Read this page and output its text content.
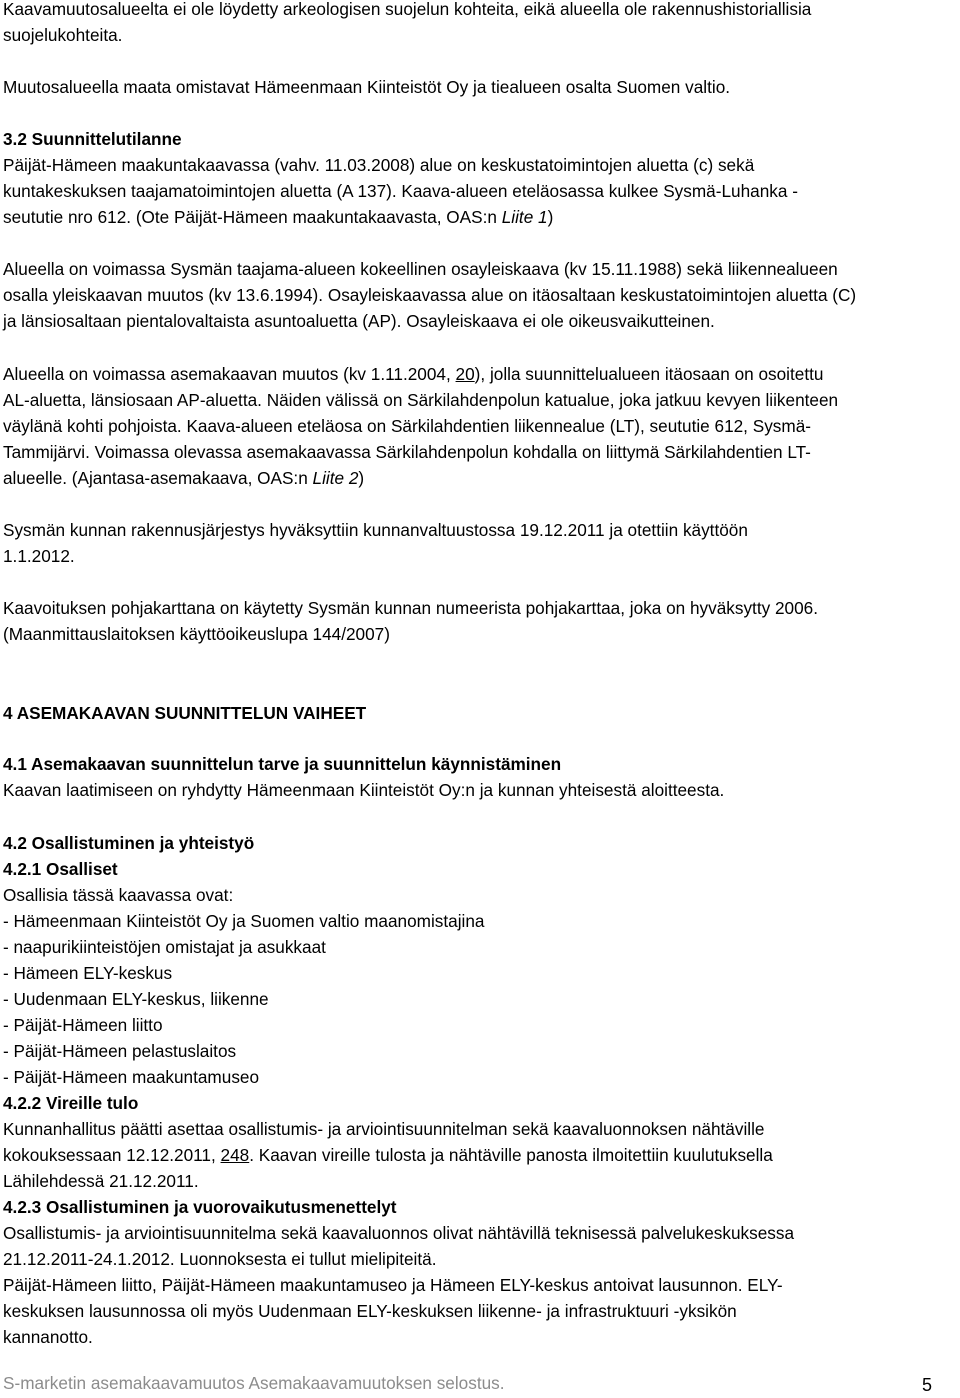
Kaavamuutosalueelta ei ole löydetty arkeologisen suojelun kohteita, eikä alueella ole rakennushistoriallisia
suojelukohteita.
Muutosalueella maata omistavat Hämeenmaan Kiinteistöt Oy ja tiealueen osalta Suomen valtio.
3.2 Suunnittelutilanne
Päijät-Hämeen maakuntakaavassa (vahv. 11.03.2008) alue on keskustatoimintojen aluetta (c) sekä
kuntakeskuksen taajamatoimintojen aluetta (A 137). Kaava-alueen eteläosassa kulkee Sysmä-Luhanka -
seututie nro 612. (Ote Päijät-Hämeen maakuntakaavasta, OAS:n Liite 1)
Alueella on voimassa Sysmän taajama-alueen kokeellinen osayleiskaava (kv 15.11.1988) sekä liikennealueen
osalla yleiskaavan muutos (kv 13.6.1994). Osayleiskaavassa alue on itäosaltaan keskustatoimintojen aluetta (C)
ja länsiosaltaan pientalovaltaista asuntoaluetta (AP). Osayleiskaava ei ole oikeusvaikutteinen.
Alueella on voimassa asemakaavan muutos (kv 1.11.2004, 20), jolla suunnittelualueen itäosaan on osoitettu
AL-aluetta, länsiosaan AP-aluetta. Näiden välissä on Särkilahdenpolun katualue, joka jatkuu kevyen liikenteen
väylänä kohti pohjoista. Kaava-alueen eteläosa on Särkilahdentien liikennealue (LT), seututie 612, Sysmä-
Tammijärvi. Voimassa olevassa asemakaavassa Särkilahdenpolun kohdalla on liittymä Särkilahdentien LT-
alueelle. (Ajantasa-asemakaava, OAS:n Liite 2)
Sysmän kunnan rakennusjärjestys hyväksyttiin kunnanvaltuustossa 19.12.2011 ja otettiin käyttöön
1.1.2012.
Kaavoituksen pohjakarttana on käytetty Sysmän kunnan numeerista pohjakarttaa, joka on hyväksytty 2006.
(Maanmittauslaitoksen käyttöoikeuslupa 144/2007)
4 ASEMAKAAVAN SUUNNITTELUN VAIHEET
4.1 Asemakaavan suunnittelun tarve ja suunnittelun käynnistäminen
Kaavan laatimiseen on ryhdytty Hämeenmaan Kiinteistöt Oy:n ja kunnan yhteisestä aloitteesta.
4.2 Osallistuminen ja yhteistyö
4.2.1 Osalliset
Osallisia tässä kaavassa ovat:
- Hämeenmaan Kiinteistöt Oy ja Suomen valtio maanomistajina
- naapurikiinteistöjen omistajat ja asukkaat
- Hämeen ELY-keskus
- Uudenmaan ELY-keskus, liikenne
- Päijät-Hämeen liitto
- Päijät-Hämeen pelastuslaitos
- Päijät-Hämeen maakuntamuseo
4.2.2 Vireille tulo
Kunnanhallitus päätti asettaa osallistumis- ja arviointisuunnitelman sekä kaavaluonnoksen nähtäville
kokouksessaan 12.12.2011, 248. Kaavan vireille tulosta ja nähtäville panosta ilmoitettiin kuulutuksella
Lähilehdessä 21.12.2011.
4.2.3 Osallistuminen ja vuorovaikutusmenettelyt
Osallistumis- ja arviointisuunnitelma sekä kaavaluonnos olivat nähtävillä teknisessä palvelukeskuksessa
21.12.2011-24.1.2012. Luonnoksesta ei tullut mielipiteitä.
Päijät-Hämeen liitto, Päijät-Hämeen maakuntamuseo ja Hämeen ELY-keskus antoivat lausunnon. ELY-
keskuksen lausunnossa oli myös Uudenmaan ELY-keskuksen liikenne- ja infrastruktuuri -yksikön
kannanotto.
S-marketin asemakaavamuutos Asemakaavamuutoksen selostus.	5
